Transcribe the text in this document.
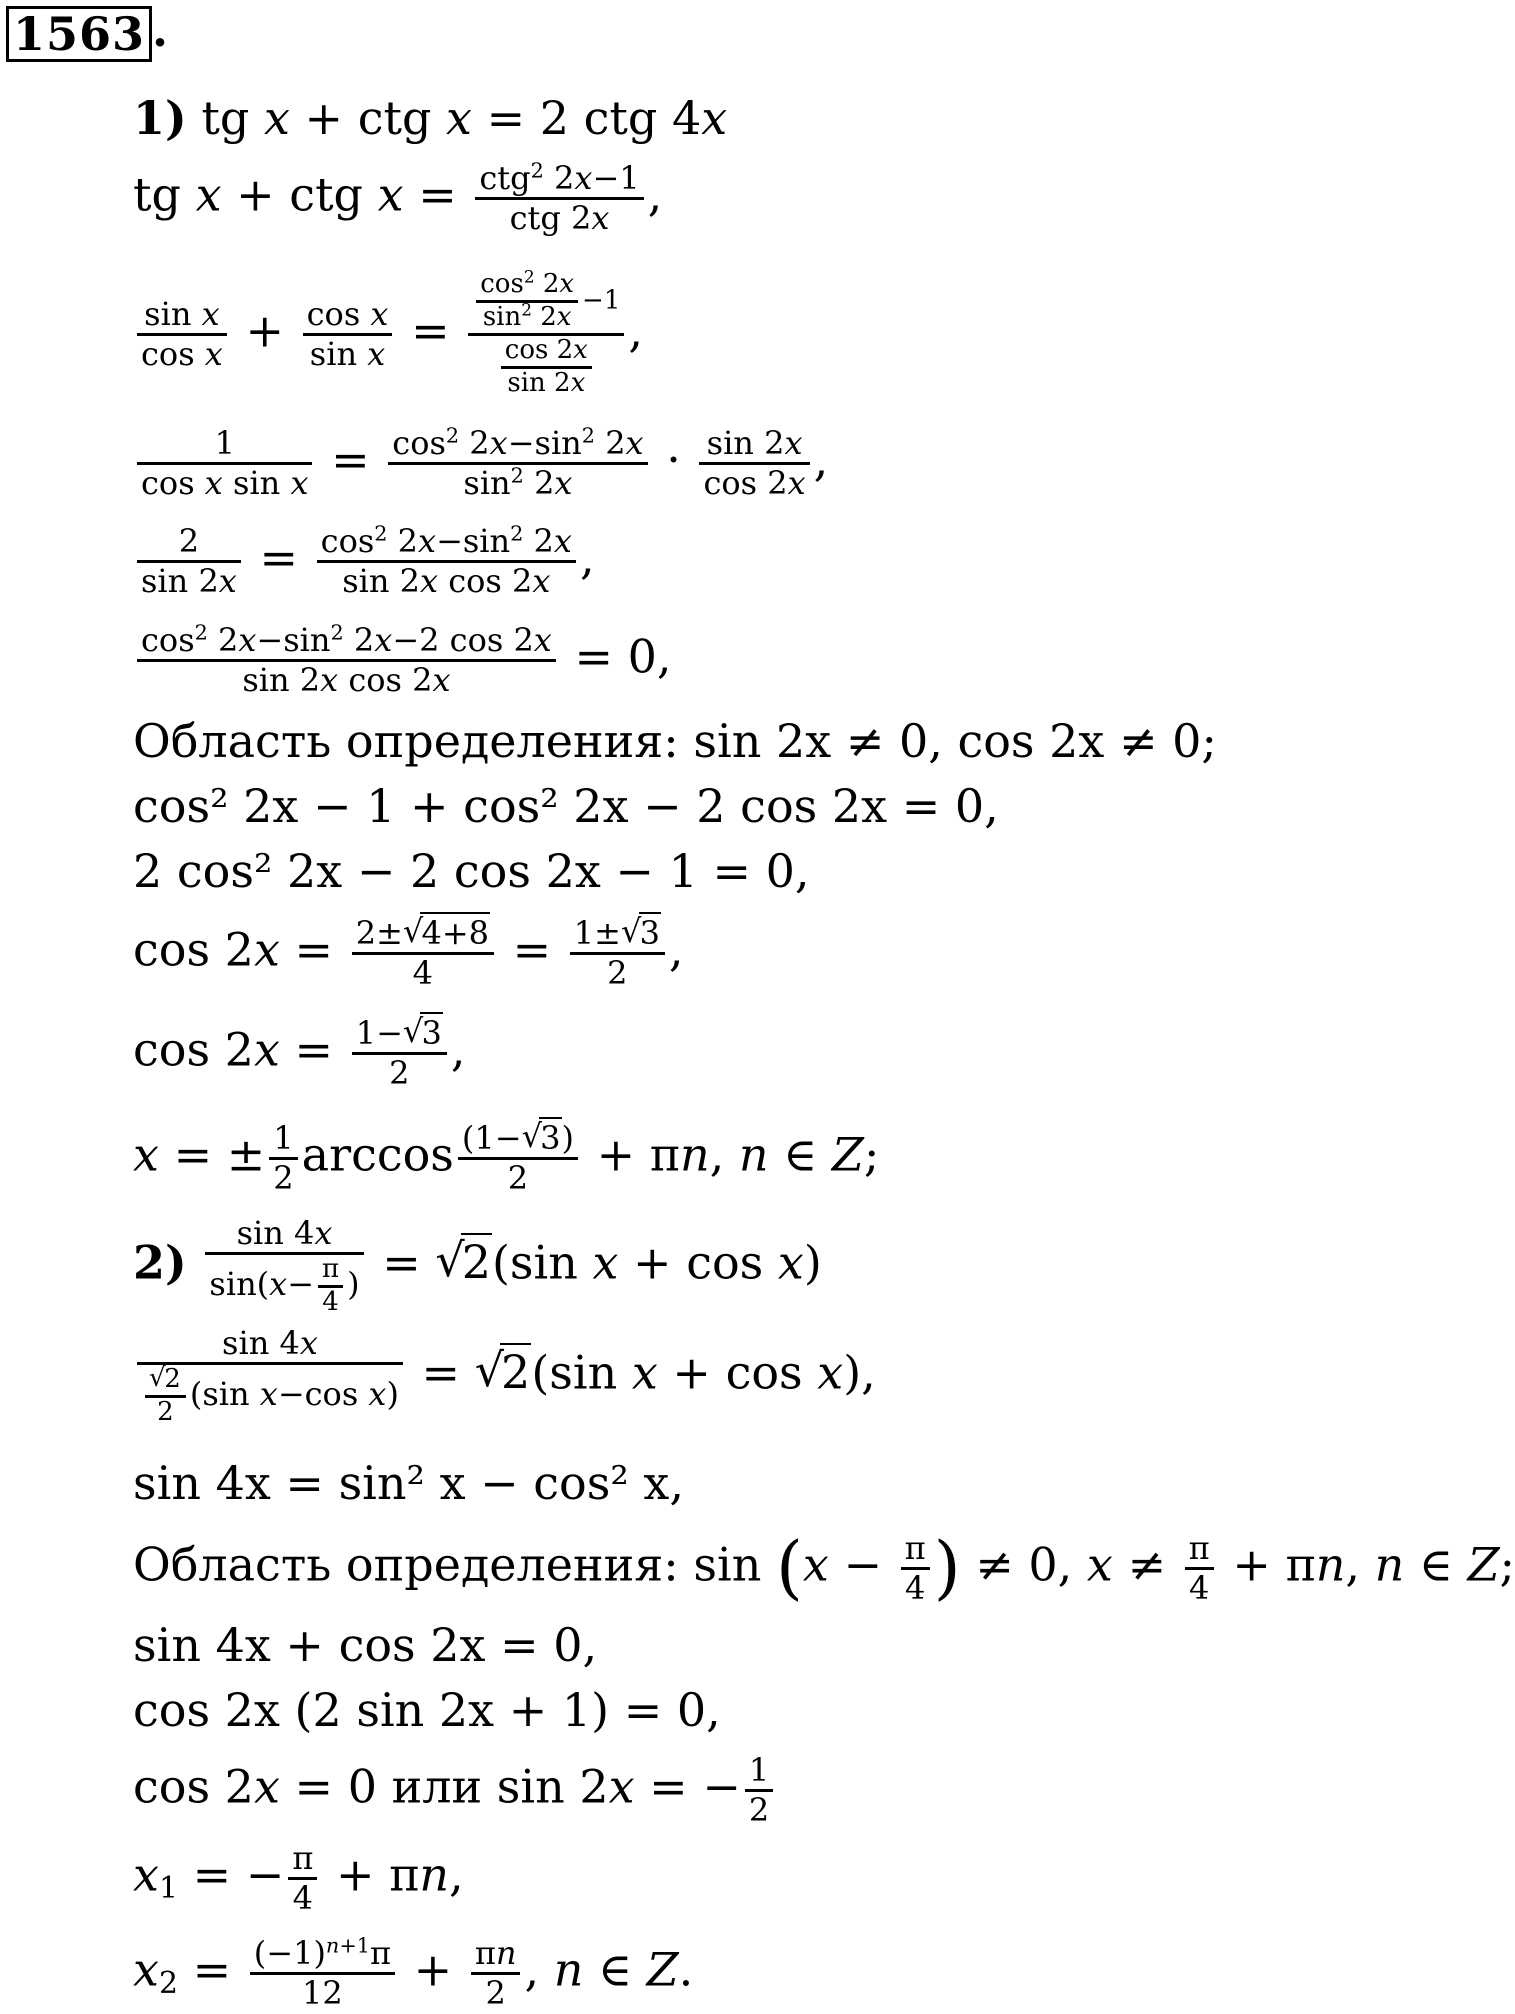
1563 .
1) tg x + ctg x = 2 ctg 4x
tg x + ctg $x = \frac{ctg^2 2x-1}{\text{ctg 2x}}$ ,
$\frac{\text{sin x}}{\text{cos x}} + \frac{\text{cos x}}{\text{sin x}} = \frac{\frac{\cos^2 2x}{\sin^2 2x} -1}{\frac{\cos 2x}{\sin 2x}}$ ,
$\frac{1}{\text{cos x sin x}} = \frac{\cos^2 2x-\sin^2 2x}{\sin^2 2x} \cdot \frac{\sin 2x}{\cos 2x}$ ,
$\frac{2}{\sin 2x} = \frac{\cos^2 2x-\sin^2 2x}{\text{sin 2x cos 2x}}$ ,
$\frac{\cos^2 2x-\sin^2 2x-2 \cos 2x}{\text{sin 2x cos 2x}} = 0$,
Область определения: sin 2x ≠ 0, cos 2x ≠ 0;
cos² 2x − 1 + cos² 2x − 2 cos 2x = 0,
2 cos² 2x − 2 cos 2x − 1 = 0,
$\cos 2x = \frac{2\pm √ 4+8}{4} = \frac{1\pm √ 3}{2}$ ,
$\cos 2x = \frac{1- √ 3}{2}$ ,
x = ± $\frac{1}{2}$ $\arccos \frac{(1- √ 3)}{2} + \pi n$, n ∈ Z;
$2) \frac{\sin 4x}{\sin(x- \frac{\pi}{4} )}$ = √ 2(sin x + cos x)
sin 4x
√ $\frac{2}{2} (\sin$ x−cos x) = √ 2(sin x + cos x),
sin 4x = sin² x − cos² x,
Область определения: $\sin (x - \frac{\pi}{4}$ ) ≠ 0, $x \ne \frac{\pi}{4} + \pi n$, n ∈ Z;
sin 4x + cos 2x = 0,
cos 2x (2 sin 2x + 1) = 0,
cos 2x = 0 или sin 2x = − $\frac{1}{2}$
$x_1$ = − $\frac{\pi}{4} + \pi n$,
$x_2 = \frac{(-1)^{n+1}\pi}{12} + \frac{\pi n}{2}$ , n ∈ Z.
